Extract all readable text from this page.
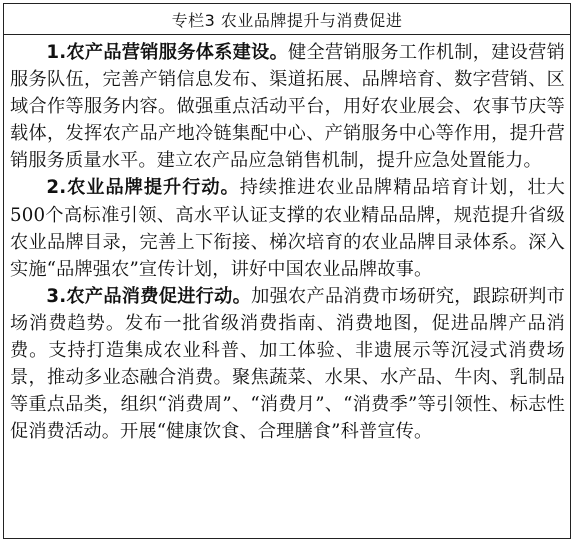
专栏3 农业品牌提升与消费促进

1.农产品营销服务体系建设。健全营销服务工作机制，建设营销服务队伍，完善产销信息发布、渠道拓展、品牌培育、数字营销、区域合作等服务内容。做强重点活动平台，用好农业展会、农事节庆等载体，发挥农产品产地冷链集配中心、产销服务中心等作用，提升营销服务质量水平。建立农产品应急销售机制，提升应急处置能力。

2.农业品牌提升行动。持续推进农业品牌精品培育计划，壮大500个高标准引领、高水平认证支撑的农业精品品牌，规范提升省级农业品牌目录，完善上下衔接、梯次培育的农业品牌目录体系。深入实施“品牌强农”宣传计划，讲好中国农业品牌故事。

3.农产品消费促进行动。加强农产品消费市场研究，跟踪研判市场消费趋势。发布一批省级消费指南、消费地图，促进品牌产品消费。支持打造集成农业科普、加工体验、非遗展示等沉浸式消费场景，推动多业态融合消费。聚焦蔬菜、水果、水产品、牛肉、乳制品等重点品类，组织“消费周”、“消费月”、“消费季”等引领性、标志性促消费活动。开展“健康饮食、合理膳食”科普宣传。
